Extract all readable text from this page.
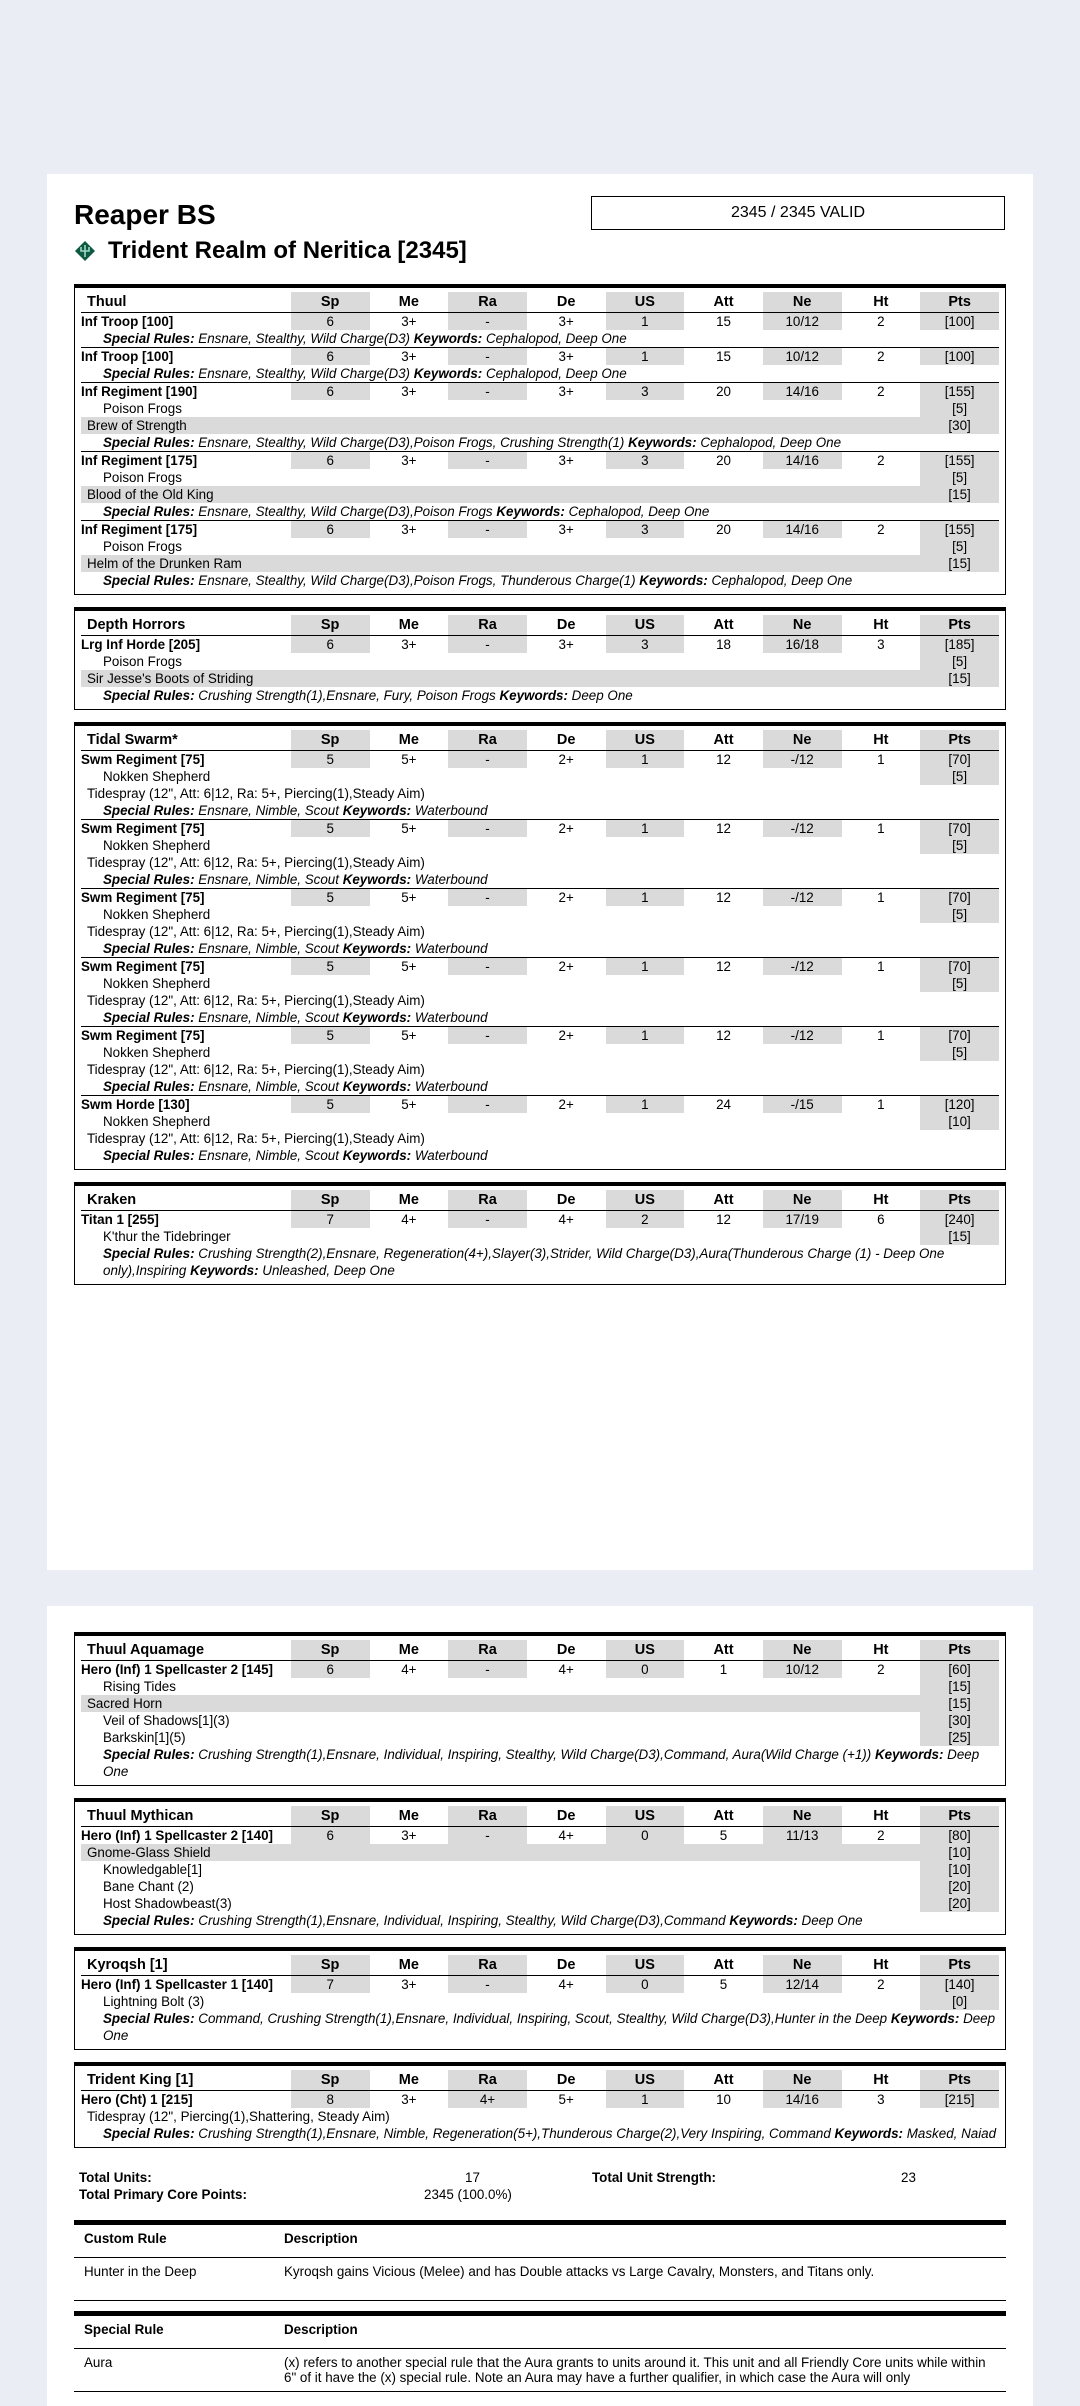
Reaper BS	2345 / 2345 VALID
Trident Realm of Neritica [2345]
Thuul	Sp	Me	Ra	De	US	Att	Ne	Ht	Pts
Inf Troop [100]	6	3+	-	3+	1	15	10/12	2	[100]

Special Rules: Ensnare, Stealthy, Wild Charge(D3) Keywords: Cephalopod, Deep One									

Inf Troop [100]	6	3+	-	3+	1	15	10/12	2	[100]

Special Rules: Ensnare, Stealthy, Wild Charge(D3) Keywords: Cephalopod, Deep One									

Inf Regiment [190]	6	3+	-	3+	3	20	14/16	2	[155]
Poison Frogs									[5]
Brew of Strength									[30]

Special Rules: Ensnare, Stealthy, Wild Charge(D3),Poison Frogs, Crushing Strength(1) Keywords: Cephalopod, Deep One									

Inf Regiment [175]	6	3+	-	3+	3	20	14/16	2	[155]
Poison Frogs									[5]
Blood of the Old King									[15]

Special Rules: Ensnare, Stealthy, Wild Charge(D3),Poison Frogs Keywords: Cephalopod, Deep One									

Inf Regiment [175]	6	3+	-	3+	3	20	14/16	2	[155]
Poison Frogs									[5]
Helm of the Drunken Ram									[15]

Special Rules: Ensnare, Stealthy, Wild Charge(D3),Poison Frogs, Thunderous Charge(1) Keywords: Cephalopod, Deep One									
Depth Horrors	Sp	Me	Ra	De	US	Att	Ne	Ht	Pts
Lrg Inf Horde [205]	6	3+	-	3+	3	18	16/18	3	[185]
Poison Frogs									[5]
Sir Jesse's Boots of Striding									[15]

Special Rules: Crushing Strength(1),Ensnare, Fury, Poison Frogs Keywords: Deep One									
Tidal Swarm*	Sp	Me	Ra	De	US	Att	Ne	Ht	Pts
Swm Regiment [75]	5	5+	-	2+	1	12	-/12	1	[70]
Nokken Shepherd									[5]
Tidespray (12", Att: 6|12, Ra: 5+, Piercing(1),Steady Aim)									

Special Rules: Ensnare, Nimble, Scout Keywords: Waterbound									

Swm Regiment [75]	5	5+	-	2+	1	12	-/12	1	[70]
Nokken Shepherd									[5]
Tidespray (12", Att: 6|12, Ra: 5+, Piercing(1),Steady Aim)									

Special Rules: Ensnare, Nimble, Scout Keywords: Waterbound									

Swm Regiment [75]	5	5+	-	2+	1	12	-/12	1	[70]
Nokken Shepherd									[5]
Tidespray (12", Att: 6|12, Ra: 5+, Piercing(1),Steady Aim)									

Special Rules: Ensnare, Nimble, Scout Keywords: Waterbound									

Swm Regiment [75]	5	5+	-	2+	1	12	-/12	1	[70]
Nokken Shepherd									[5]
Tidespray (12", Att: 6|12, Ra: 5+, Piercing(1),Steady Aim)									

Special Rules: Ensnare, Nimble, Scout Keywords: Waterbound									

Swm Regiment [75]	5	5+	-	2+	1	12	-/12	1	[70]
Nokken Shepherd									[5]
Tidespray (12", Att: 6|12, Ra: 5+, Piercing(1),Steady Aim)									

Special Rules: Ensnare, Nimble, Scout Keywords: Waterbound									

Swm Horde [130]	5	5+	-	2+	1	24	-/15	1	[120]
Nokken Shepherd									[10]
Tidespray (12", Att: 6|12, Ra: 5+, Piercing(1),Steady Aim)									

Special Rules: Ensnare, Nimble, Scout Keywords: Waterbound									
Kraken	Sp	Me	Ra	De	US	Att	Ne	Ht	Pts
Titan 1 [255]	7	4+	-	4+	2	12	17/19	6	[240]
K'thur the Tidebringer									[15]

Special Rules: Crushing Strength(2),Ensnare, Regeneration(4+),Slayer(3),Strider, Wild Charge(D3),Aura(Thunderous Charge (1) - Deep One only),Inspiring Keywords: Unleashed, Deep One									
Thuul Aquamage	Sp	Me	Ra	De	US	Att	Ne	Ht	Pts
Hero (Inf) 1 Spellcaster 2 [145]	6	4+	-	4+	0	1	10/12	2	[60]
Rising Tides									[15]
Sacred Horn									[15]
Veil of Shadows[1](3)									[30]
Barkskin[1](5)									[25]

Special Rules: Crushing Strength(1),Ensnare, Individual, Inspiring, Stealthy, Wild Charge(D3),Command, Aura(Wild Charge (+1)) Keywords: Deep One									
Thuul Mythican	Sp	Me	Ra	De	US	Att	Ne	Ht	Pts
Hero (Inf) 1 Spellcaster 2 [140]	6	3+	-	4+	0	5	11/13	2	[80]
Gnome-Glass Shield									[10]
Knowledgable[1]									[10]
Bane Chant (2)									[20]
Host Shadowbeast(3)									[20]

Special Rules: Crushing Strength(1),Ensnare, Individual, Inspiring, Stealthy, Wild Charge(D3),Command Keywords: Deep One									
Kyroqsh [1]	Sp	Me	Ra	De	US	Att	Ne	Ht	Pts
Hero (Inf) 1 Spellcaster 1 [140]	7	3+	-	4+	0	5	12/14	2	[140]
Lightning Bolt (3)									[0]

Special Rules: Command, Crushing Strength(1),Ensnare, Individual, Inspiring, Scout, Stealthy, Wild Charge(D3),Hunter in the Deep Keywords: Deep One									
Trident King [1]	Sp	Me	Ra	De	US	Att	Ne	Ht	Pts
Hero (Cht) 1 [215]	8	3+	4+	5+	1	10	14/16	3	[215]
Tidespray (12", Piercing(1),Shattering, Steady Aim)									

Special Rules: Crushing Strength(1),Ensnare, Nimble, Regeneration(5+),Thunderous Charge(2),Very Inspiring, Command Keywords: Masked, Naiad									
Total Units:	17	Total Unit Strength:	23
Total Primary Core Points:	2345 (100.0%)
Custom Rule	Description
Hunter in the Deep	Kyroqsh gains Vicious (Melee) and has Double attacks vs Large Cavalry, Monsters, and Titans only.
Special Rule	Description
Aura	(x) refers to another special rule that the Aura grants to units around it. This unit and all Friendly Core units while within 6" of it have the (x) special rule. Note an Aura may have a further qualifier, in which case the Aura will only
